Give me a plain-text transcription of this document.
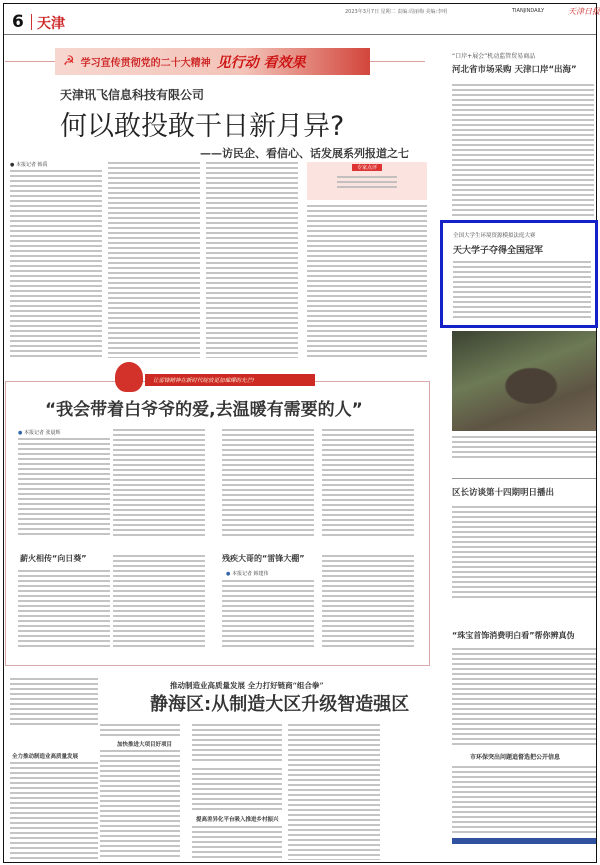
6 天津
2023年3月7日 星期二 责编:周丽梅 美编:李明	TIANJINDAILY	天津日报
☭ 学习宣传贯彻党的二十大精神 见行动 看效果
天津讯飞信息科技有限公司
何以敢投敢干日新月异?
——访民企、看信心、话发展系列报道之七
● 本报记者 韩禹	专家点评
“口岸+展会”机动监管贸易商品
河北省市场采购 天津口岸“出海”
全国大学生环境资源模拟法庭大赛
天大学子夺得全国冠军
区长访谈第十四期明日播出
“珠宝首饰消费明白看”帮你辨真伪
市环保突出问题追督选把公开信息
让雷锋精神在新时代绽放更加璀璨的光芒!
“我会带着白爷爷的爱,去温暖有需要的人”
● 本报记者 张晨辉
薪火相传“向日葵”	残疾大哥的“雷锋大棚”
● 本报记者 韩建伟
全力推动制造业高质量发展
推动制造业高质量发展 全力打好链商“组合拳”
静海区:从制造大区升级智造强区
加快推进大项目好项目
提高差异化平台吸入推进乡村振兴
